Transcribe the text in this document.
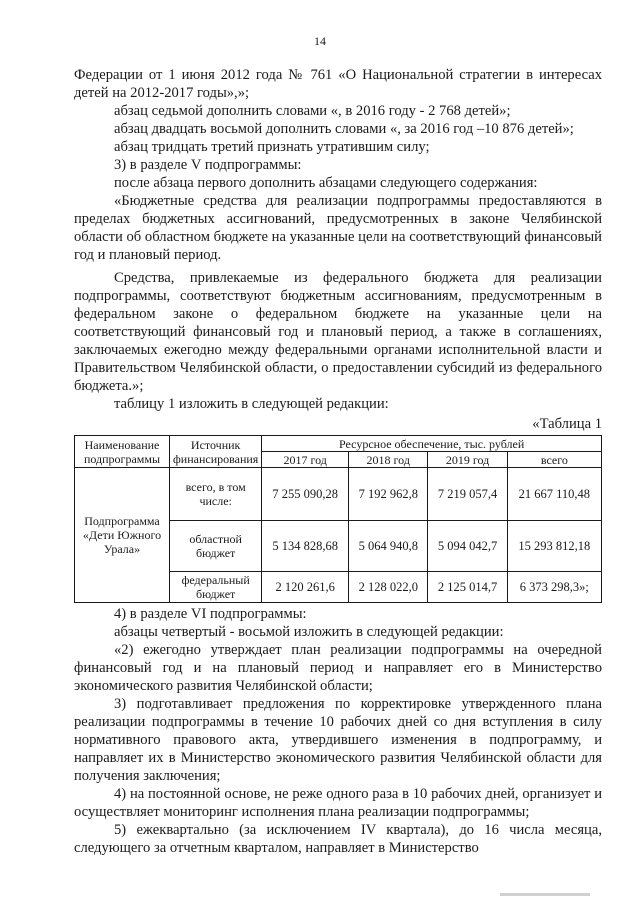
14

Федерации от 1 июня 2012 года № 761 «О Национальной стратегии в интересах детей на 2012-2017 годы»,»;

абзац седьмой дополнить словами «, в 2016 году - 2 768 детей»;

абзац двадцать восьмой дополнить словами «, за 2016 год –10 876 детей»;

абзац тридцать третий признать утратившим силу;

3) в разделе V подпрограммы:

после абзаца первого дополнить абзацами следующего содержания:

«Бюджетные средства для реализации подпрограммы предоставляются в пределах бюджетных ассигнований, предусмотренных в законе Челябинской области об областном бюджете на указанные цели на соответствующий финансовый год и плановый период.

Средства, привлекаемые из федерального бюджета для реализации подпрограммы, соответствуют бюджетным ассигнованиям, предусмотренным в федеральном законе о федеральном бюджете на указанные цели на соответствующий финансовый год и плановый период, а также в соглашениях, заключаемых ежегодно между федеральными органами исполнительной власти и Правительством Челябинской области, о предоставлении субсидий из федерального бюджета.»;

таблицу 1 изложить в следующей редакции:

«Таблица 1

Наименование подпрограммы	Источник финансирования	Ресурсное обеспечение, тыс. рублей			
		2017 год	2018 год	2019 год	всего
Подпрограмма «Дети Южного Урала»	всего, в том числе:	7 255 090,28	7 192 962,8	7 219 057,4	21 667 110,48
	областной бюджет	5 134 828,68	5 064 940,8	5 094 042,7	15 293 812,18
	федеральный бюджет	2 120 261,6	2 128 022,0	2 125 014,7	6 373 298,3»;

4) в разделе VI подпрограммы:

абзацы четвертый - восьмой изложить в следующей редакции:

«2) ежегодно утверждает план реализации подпрограммы на очередной финансовый год и на плановый период и направляет его в Министерство экономического развития Челябинской области;

3) подготавливает предложения по корректировке утвержденного плана реализации подпрограммы в течение 10 рабочих дней со дня вступления в силу нормативного правового акта, утвердившего изменения в подпрограмму, и направляет их в Министерство экономического развития Челябинской области для получения заключения;

4) на постоянной основе, не реже одного раза в 10 рабочих дней, организует и осуществляет мониторинг исполнения плана реализации подпрограммы;

5) ежеквартально (за исключением IV квартала), до 16 числа месяца, следующего за отчетным кварталом, направляет в Министерство
